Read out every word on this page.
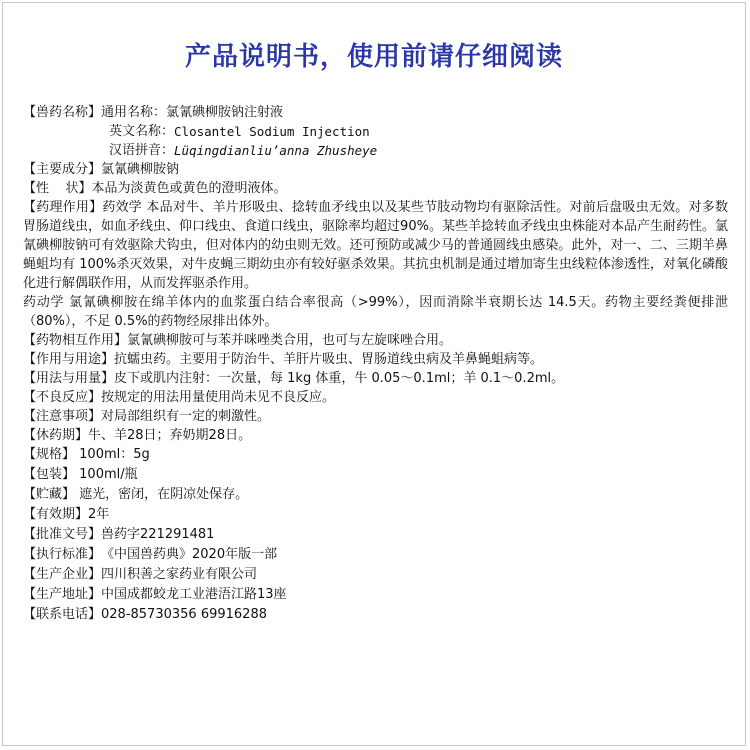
产品说明书，使用前请仔细阅读
【兽药名称】 通用名称：氯氰碘柳胺钠注射液
英文名称： Closantel Sodium Injection
汉语拼音： Lüqingdianliu’anna Zhusheye
【主要成分】 氯氰碘柳胺钠
【性    状】 本品为淡黄色或黄色的澄明液体。
【药理作用】药效学 本品对牛、羊片形吸虫、捻转血矛线虫以及某些节肢动物均有驱除活性。对前后盘吸虫无效。对多数胃肠道线虫，如血矛线虫、仰口线虫、食道口线虫，驱除率均超过90%。某些羊捻转血矛线虫虫株能对本品产生耐药性。氯氰碘柳胺钠可有效驱除犬钩虫，但对体内的幼虫则无效。还可预防或减少马的普通圆线虫感染。此外，对一、二、三期羊鼻蝇蛆均有 100%杀灭效果，对牛皮蝇三期幼虫亦有较好驱杀效果。其抗虫机制是通过增加寄生虫线粒体渗透性，对氧化磷酸化进行解偶联作用，从而发挥驱杀作用。
药动学 氯氰碘柳胺在绵羊体内的血浆蛋白结合率很高（>99%），因而消除半衰期长达 14.5天。药物主要经粪便排泄（80%），不足 0.5%的药物经尿排出体外。
【药物相互作用】 氯氰碘柳胺可与苯并咪唑类合用，也可与左旋咪唑合用。
【作用与用途】 抗蠕虫药。主要用于防治牛、羊肝片吸虫、胃肠道线虫病及羊鼻蝇蛆病等。
【用法与用量】 皮下或肌内注射：一次量，每 1kg 体重，牛 0.05～0.1ml；羊 0.1～0.2ml。
【不良反应】 按规定的用法用量使用尚未见不良反应。
【注意事项】 对局部组织有一定的刺激性。
【休药期】 牛、羊28日；弃奶期28日。
【规格】 100ml：5g
【包装】 100ml/瓶
【贮藏】 遮光，密闭，在阴凉处保存。
【有效期】 2年
【批准文号】 兽药字221291481
【执行标准】 《中国兽药典》2020年版一部
【生产企业】 四川积善之家药业有限公司
【生产地址】 中国成都蛟龙工业港浯江路13座
【联系电话】 028-85730356 69916288
